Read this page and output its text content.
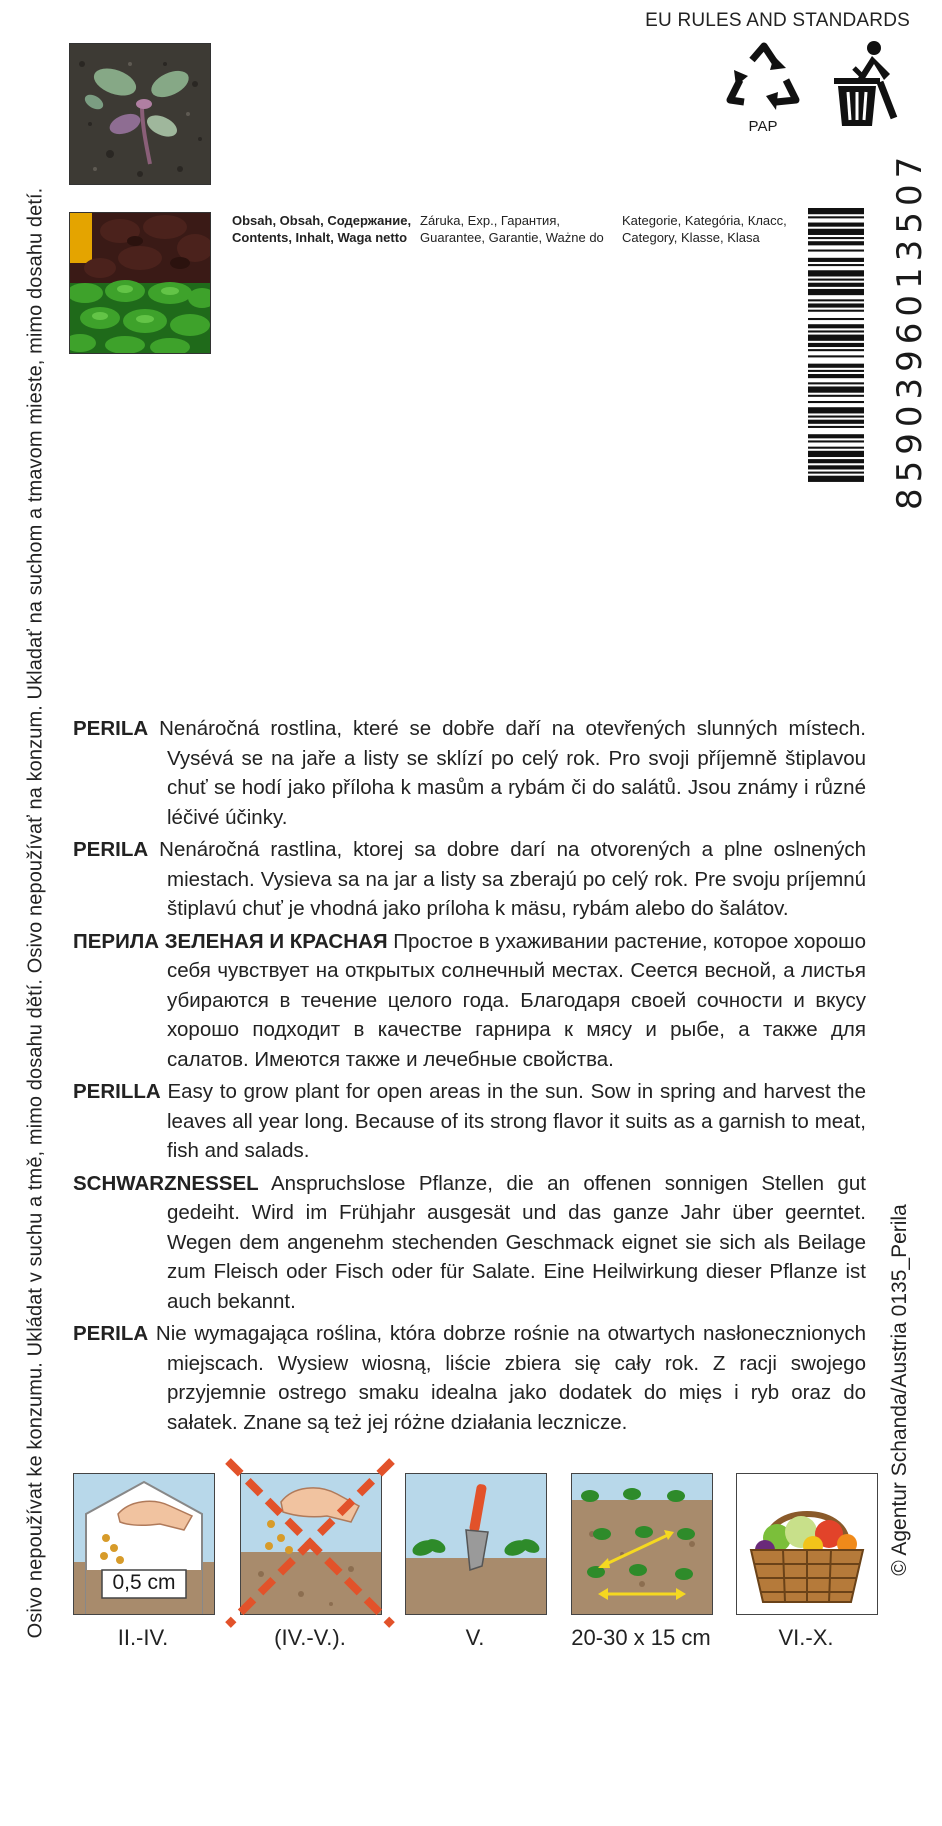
Osivo nepoužívat ke konzumu. Ukládat v suchu a tmě, mimo dosahu dětí. Osivo nepoužívať na konzum. Ukladať na suchom a tmavom mieste, mimo dosahu detí.	© Agentur Schanda/Austria 0135_Perila
EU RULES AND STANDARDS
PAP
Obsah, Obsah, Содержание,
Contents, Inhalt, Waga netto
Záruka, Exp., Гарантия,
Guarantee, Garantie, Ważne do
Kategorie, Kategória, Класс,
Category, Klasse, Klasa	8590396013507

PERILA Nenáročná rostlina, které se dobře daří na otevřených slunných místech. Vysévá se na jaře a listy se sklízí po celý rok. Pro svoji příjemně štiplavou chuť se hodí jako příloha k masům a rybám či do salátů. Jsou známy i různé léčivé účinky.

PERILA Nenáročná rastlina, ktorej sa dobre darí na otvorených a plne oslnených miestach. Vysieva sa na jar a listy sa zberajú po celý rok. Pre svoju príjemnú štiplavú chuť je vhodná jako príloha k mäsu, rybám alebo do šalátov.

ПЕРИЛА ЗЕЛЕНАЯ И КРАСНАЯ Простое в ухаживании растение, которое хорошо себя чувствует на открытых солнечный местах. Сеется весной, а листья убираются в течение целого года. Благодаря своей сочности и вкусу хорошо подходит в качестве гарнира к мясу и рыбе, а также для салатов. Имеются также и лечебные свойства.

PERILLA Easy to grow plant for open areas in the sun. Sow in spring and harvest the leaves all year long. Because of its strong flavor it suits as a garnish to meat, fish and salads.

SCHWARZNESSEL Anspruchslose Pflanze, die an offenen sonnigen Stellen gut gedeiht. Wird im Frühjahr ausgesät und das ganze Jahr über geerntet. Wegen dem angenehm stechenden Geschmack eignet sie sich als Beilage zum Fleisch oder Fisch oder für Salate. Eine Heilwirkung dieser Pflanze ist auch bekannt.

PERILA Nie wymagająca roślina, która dobrze rośnie na otwartych nasłonecznionych miejscach. Wysiew wiosną, liście zbiera się cały rok. Z racji swojego przyjemnie ostrego smaku idealna jako dodatek do mięs i ryb oraz do sałatek. Znane są też jej różne działania lecznicze.

0,5 cm
II.-IV.	(IV.-V.).	V.	20-30 x 15 cm	VI.-X.
